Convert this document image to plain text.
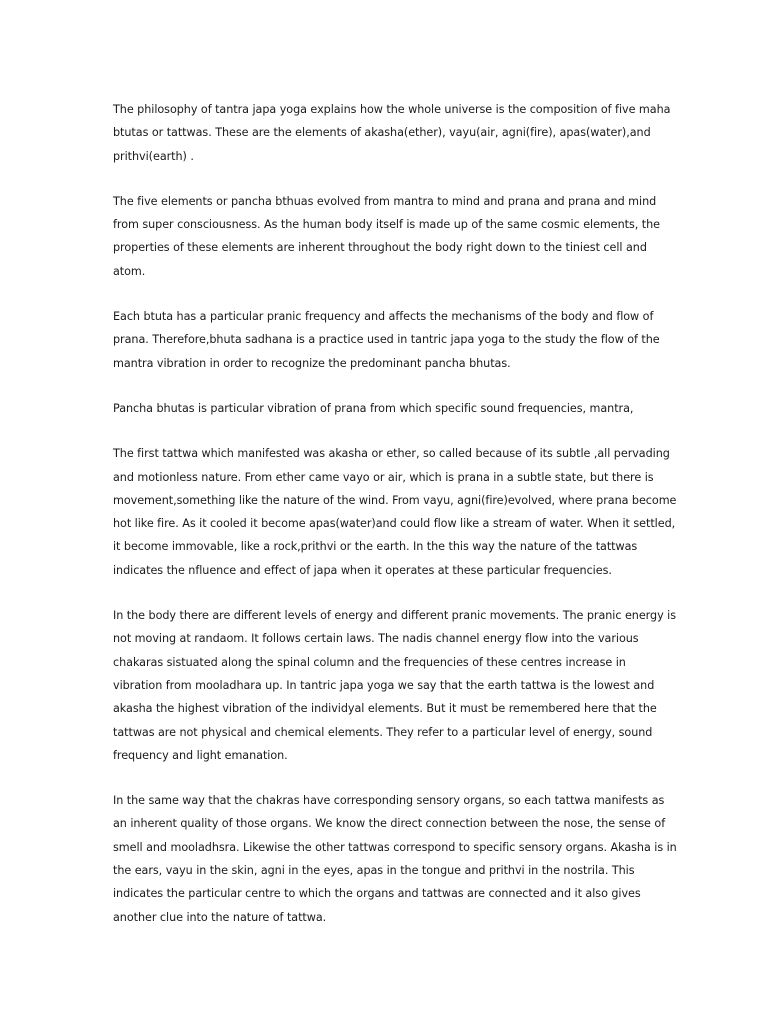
The philosophy of tantra japa yoga explains how the whole universe is the composition of five maha
btutas or tattwas. These are the elements of akasha(ether), vayu(air, agni(fire), apas(water),and
prithvi(earth) .

The five elements or pancha bthuas evolved from mantra to mind and prana and prana and mind
from super consciousness. As the human body itself is made up of the same cosmic elements, the
properties of these elements are inherent throughout the body right down to the tiniest cell and
atom.

Each btuta has a particular pranic frequency and affects the mechanisms of the body and flow of
prana. Therefore,bhuta sadhana is a practice used in tantric japa yoga to the study the flow of the
mantra vibration in order to recognize the predominant pancha bhutas.

Pancha bhutas is particular vibration of prana from which specific sound frequencies, mantra,

The first tattwa which manifested was akasha or ether, so called because of its subtle ,all pervading
and motionless nature. From ether came vayo or air, which is prana in a subtle state, but there is
movement,something like the nature of the wind. From vayu, agni(fire)evolved, where prana become
hot like fire. As it cooled it become apas(water)and could flow like a stream of water. When it settled,
it become immovable, like a rock,prithvi or the earth. In the this way the nature of the tattwas
indicates the nfluence and effect of japa when it operates at these particular frequencies.

In the body there are different levels of energy and different pranic movements. The pranic energy is
not moving at randaom. It follows certain laws. The nadis channel energy flow into the various
chakaras sistuated along the spinal column and the frequencies of these centres increase in
vibration from mooladhara up. In tantric japa yoga we say that the earth tattwa is the lowest and
akasha the highest vibration of the individyal elements. But it must be remembered here that the
tattwas are not physical and chemical elements. They refer to a particular level of energy, sound
frequency and light emanation.

In the same way that the chakras have corresponding sensory organs, so each tattwa manifests as
an inherent quality of those organs. We know the direct connection between the nose, the sense of
smell and mooladhsra. Likewise the other tattwas correspond to specific sensory organs. Akasha is in
the ears, vayu in the skin, agni in the eyes, apas in the tongue and prithvi in the nostrila. This
indicates the particular centre to which the organs and tattwas are connected and it also gives
another clue into the nature of tattwa.
